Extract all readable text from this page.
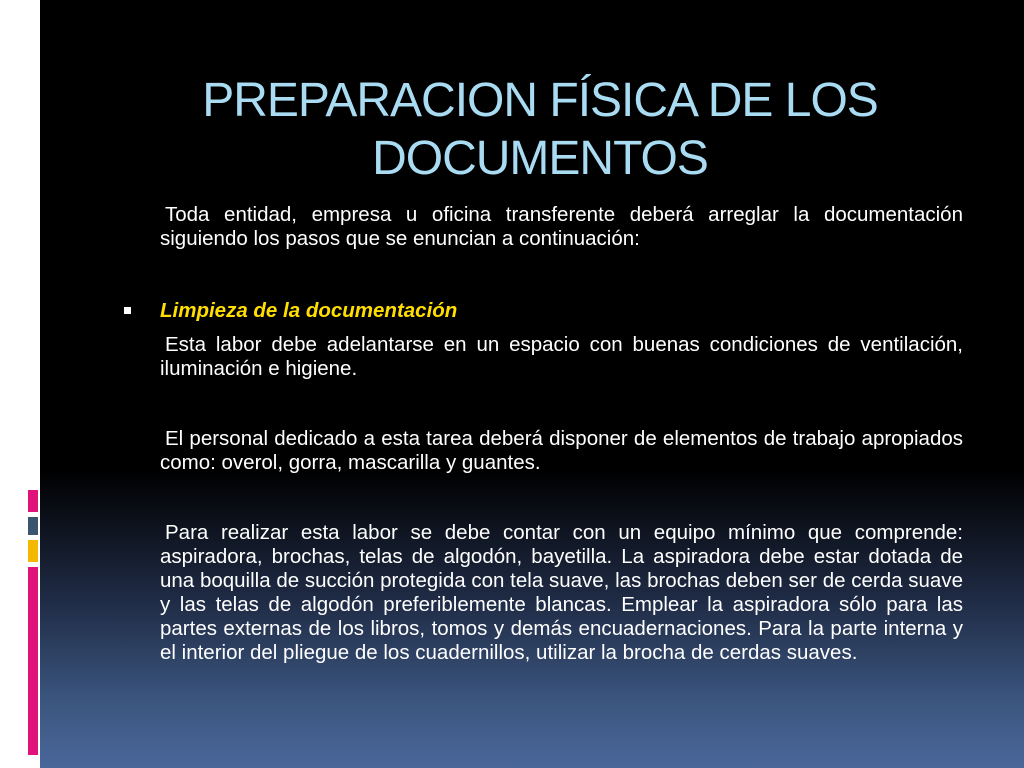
PREPARACION FÍSICA DE LOS
DOCUMENTOS

Toda entidad, empresa u oficina transferente deberá arreglar la documentación siguiendo los pasos que se enuncian a continuación:

Limpieza de la documentación

Esta labor debe adelantarse en un espacio con buenas condiciones de ventilación, iluminación e higiene.

El personal dedicado a esta tarea deberá disponer de elementos de trabajo apropiados como: overol, gorra, mascarilla y guantes.

Para realizar esta labor se debe contar con un equipo mínimo que comprende: aspiradora, brochas, telas de algodón, bayetilla. La aspiradora debe estar dotada de una boquilla de succión protegida con tela suave, las brochas deben ser de cerda suave y las telas de algodón preferiblemente blancas. Emplear la aspiradora sólo para las partes externas de los libros, tomos y demás encuadernaciones. Para la parte interna y el interior del pliegue de los cuadernillos, utilizar la brocha de cerdas suaves.
